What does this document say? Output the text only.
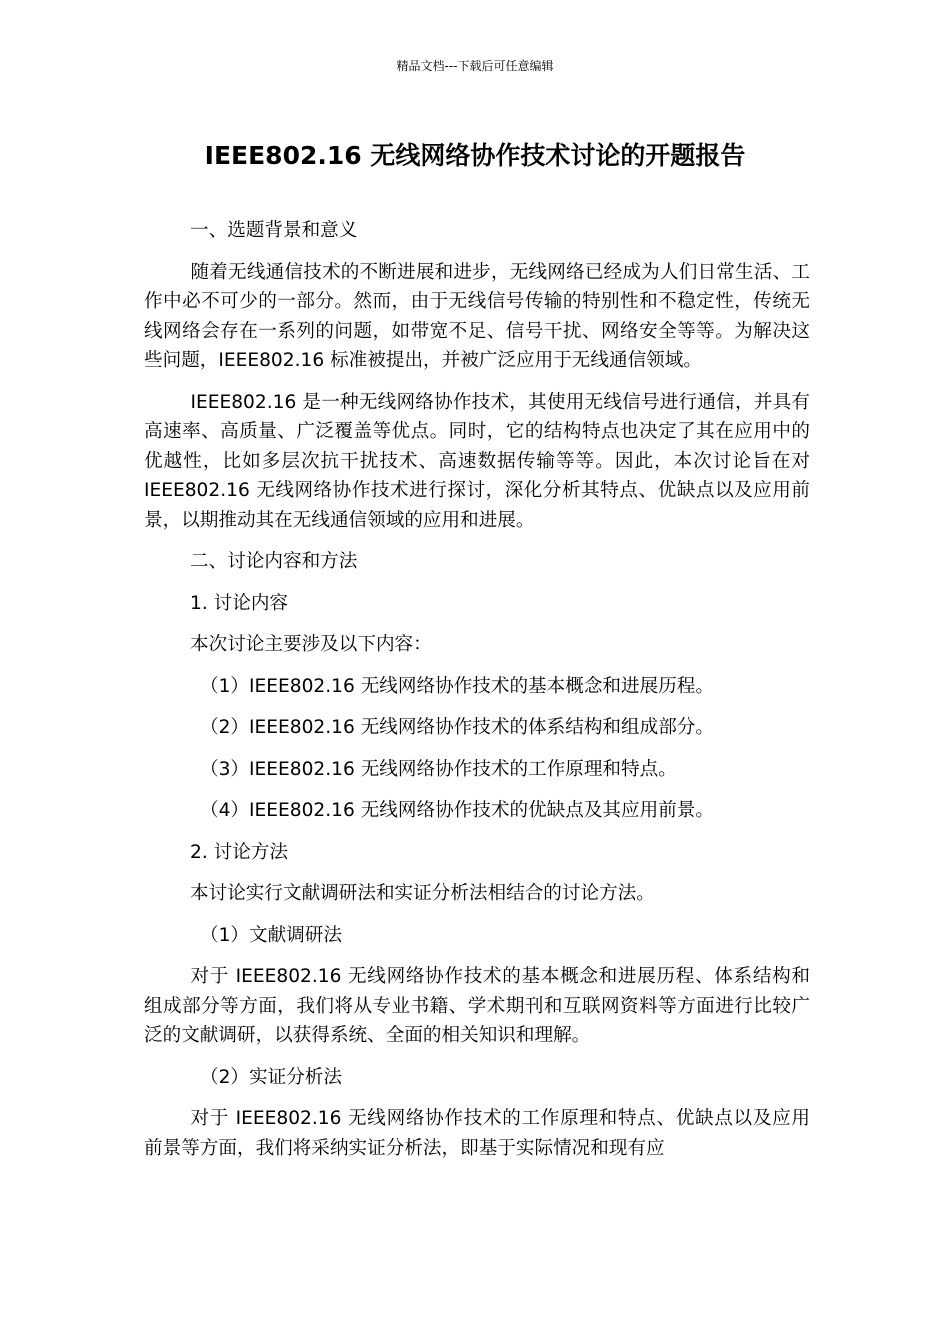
精品文档---下载后可任意编辑
IEEE802.16 无线网络协作技术讨论的开题报告

一、选题背景和意义

随着无线通信技术的不断进展和进步，无线网络已经成为人们日常生活、工作中必不可少的一部分。然而，由于无线信号传输的特别性和不稳定性，传统无线网络会存在一系列的问题，如带宽不足、信号干扰、网络安全等等。为解决这些问题，IEEE802.16 标准被提出，并被广泛应用于无线通信领域。

IEEE802.16 是一种无线网络协作技术，其使用无线信号进行通信，并具有高速率、高质量、广泛覆盖等优点。同时，它的结构特点也决定了其在应用中的优越性，比如多层次抗干扰技术、高速数据传输等等。因此，本次讨论旨在对 IEEE802.16 无线网络协作技术进行探讨，深化分析其特点、优缺点以及应用前景，以期推动其在无线通信领域的应用和进展。

二、讨论内容和方法

1. 讨论内容

本次讨论主要涉及以下内容：

（1）IEEE802.16 无线网络协作技术的基本概念和进展历程。

（2）IEEE802.16 无线网络协作技术的体系结构和组成部分。

（3）IEEE802.16 无线网络协作技术的工作原理和特点。

（4）IEEE802.16 无线网络协作技术的优缺点及其应用前景。

2. 讨论方法

本讨论实行文献调研法和实证分析法相结合的讨论方法。

（1）文献调研法

对于 IEEE802.16 无线网络协作技术的基本概念和进展历程、体系结构和组成部分等方面，我们将从专业书籍、学术期刊和互联网资料等方面进行比较广泛的文献调研，以获得系统、全面的相关知识和理解。

（2）实证分析法

对于 IEEE802.16 无线网络协作技术的工作原理和特点、优缺点以及应用前景等方面，我们将采纳实证分析法，即基于实际情况和现有应
